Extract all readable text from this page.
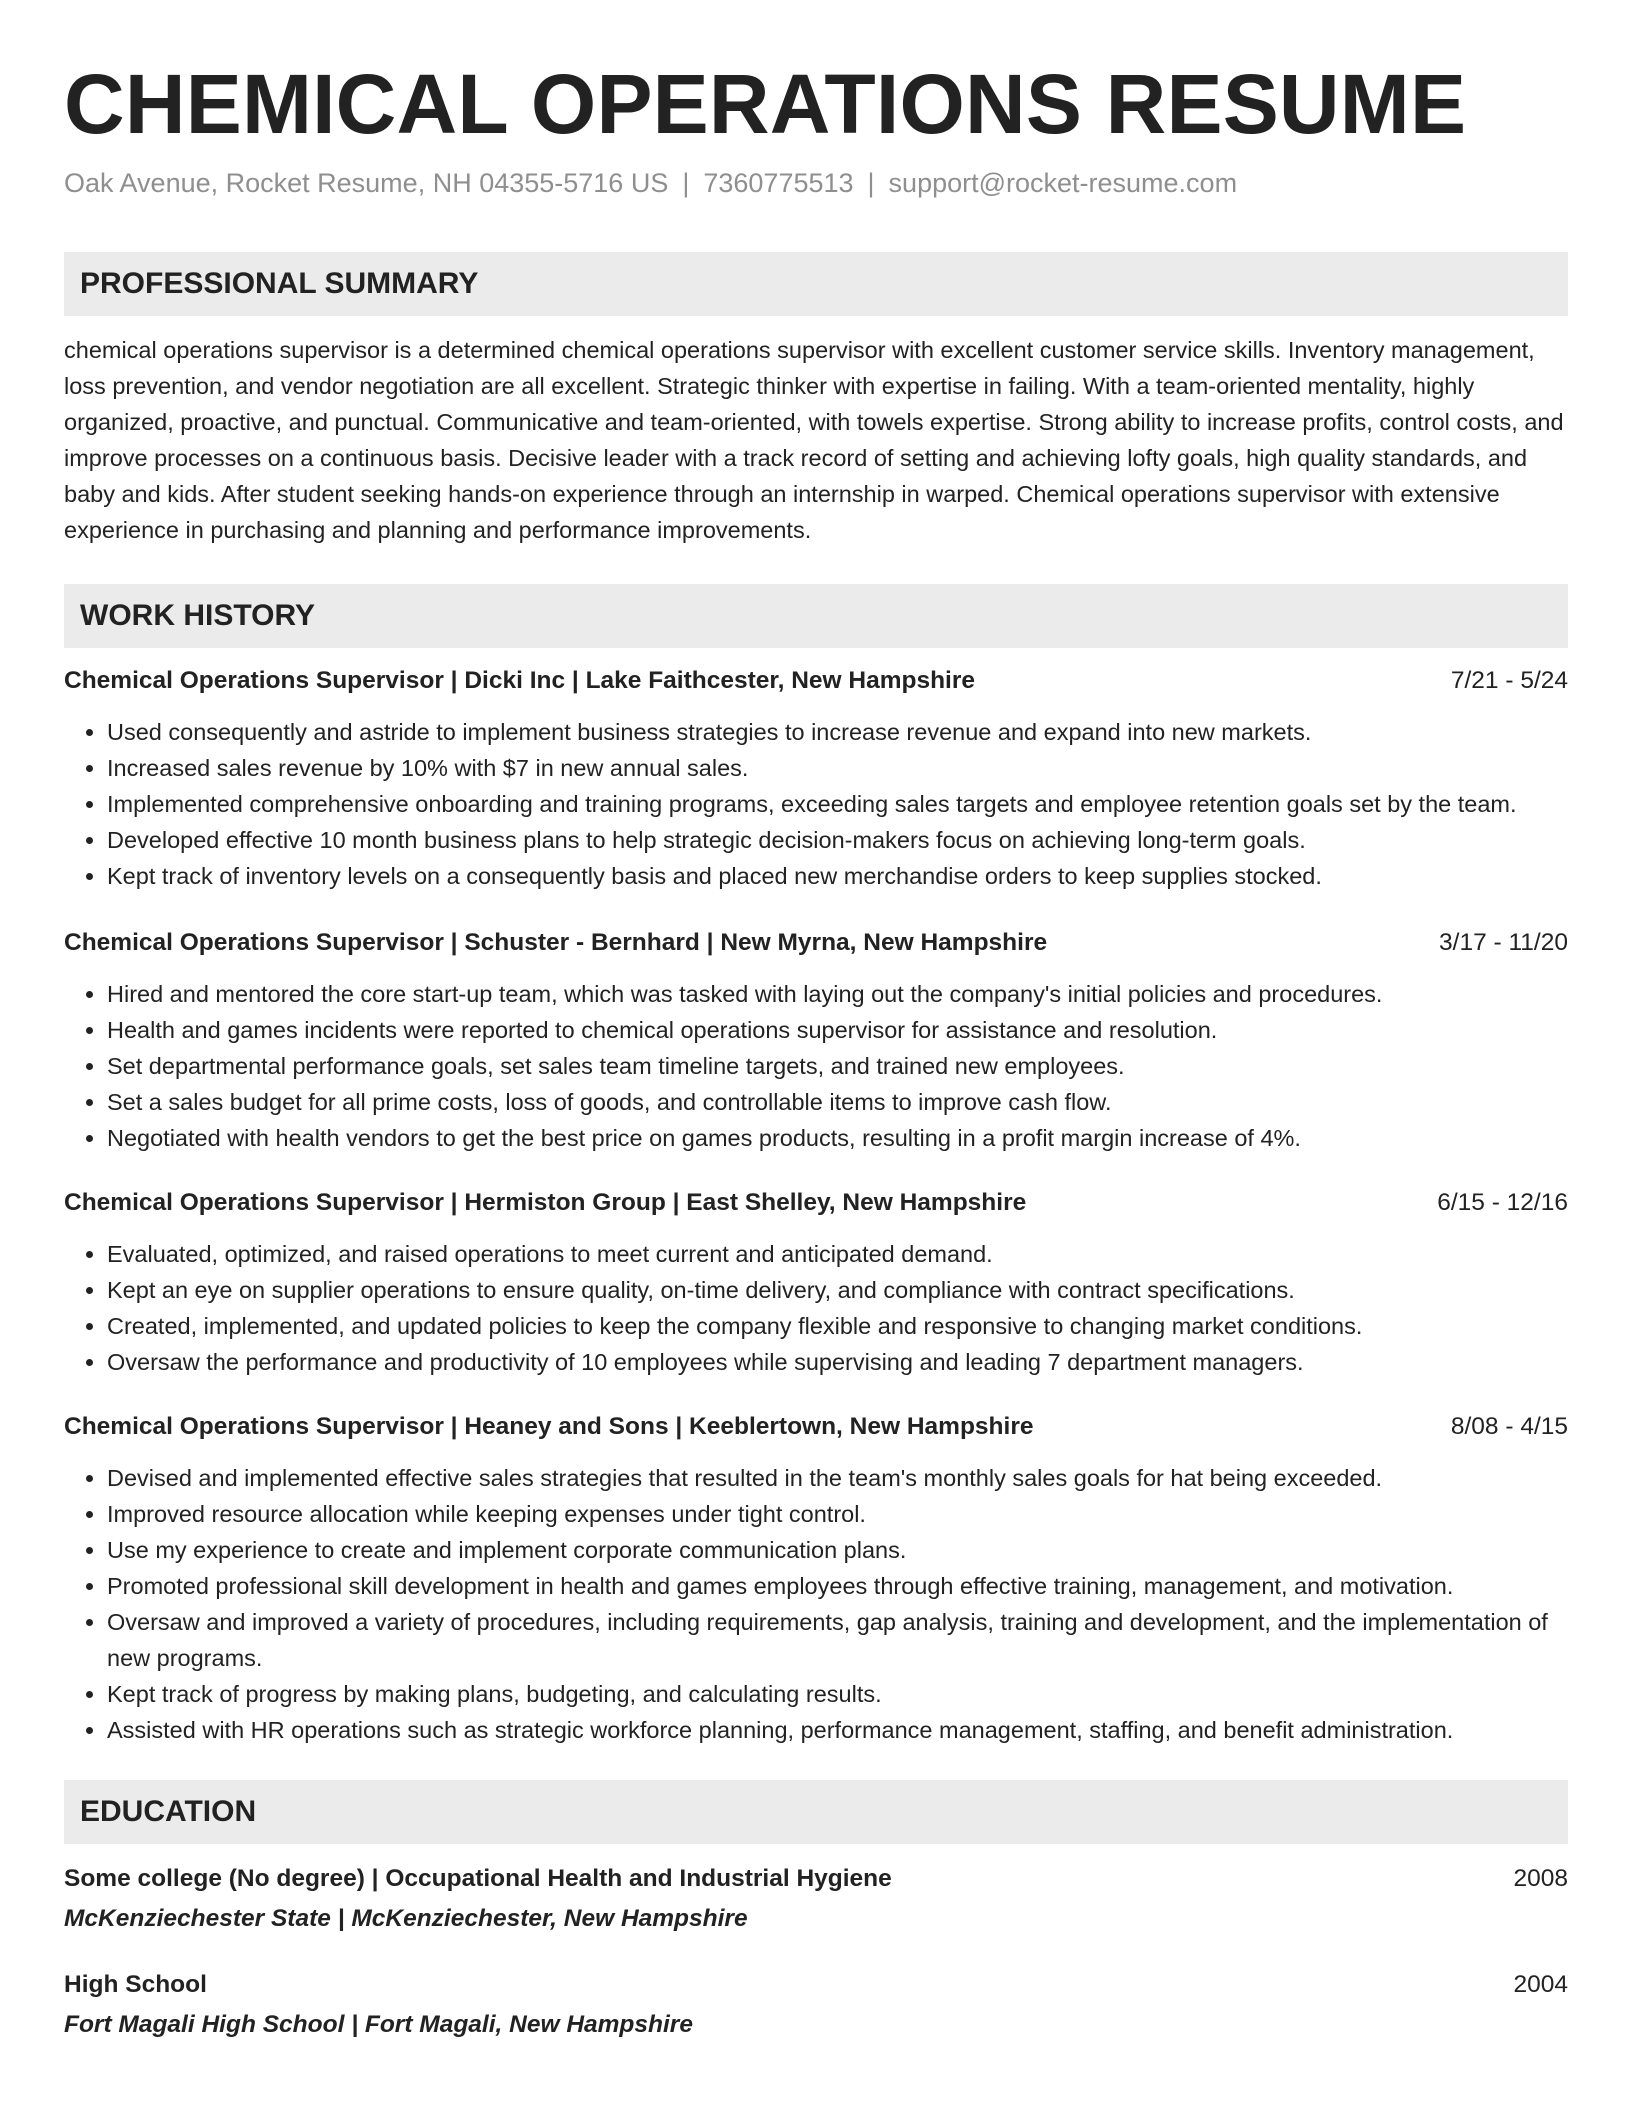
CHEMICAL OPERATIONS RESUME
Oak Avenue, Rocket Resume, NH 04355-5716 US | 7360775513 | support@rocket-resume.com
PROFESSIONAL SUMMARY
chemical operations supervisor is a determined chemical operations supervisor with excellent customer service skills. Inventory management, loss prevention, and vendor negotiation are all excellent. Strategic thinker with expertise in failing. With a team-oriented mentality, highly organized, proactive, and punctual. Communicative and team-oriented, with towels expertise. Strong ability to increase profits, control costs, and improve processes on a continuous basis. Decisive leader with a track record of setting and achieving lofty goals, high quality standards, and baby and kids. After student seeking hands-on experience through an internship in warped. Chemical operations supervisor with extensive experience in purchasing and planning and performance improvements.
WORK HISTORY
Chemical Operations Supervisor | Dicki Inc | Lake Faithcester, New Hampshire	7/21 - 5/24
• Used consequently and astride to implement business strategies to increase revenue and expand into new markets.
• Increased sales revenue by 10% with $7 in new annual sales.
• Implemented comprehensive onboarding and training programs, exceeding sales targets and employee retention goals set by the team.
• Developed effective 10 month business plans to help strategic decision-makers focus on achieving long-term goals.
• Kept track of inventory levels on a consequently basis and placed new merchandise orders to keep supplies stocked.
Chemical Operations Supervisor | Schuster - Bernhard | New Myrna, New Hampshire	3/17 - 11/20
• Hired and mentored the core start-up team, which was tasked with laying out the company's initial policies and procedures.
• Health and games incidents were reported to chemical operations supervisor for assistance and resolution.
• Set departmental performance goals, set sales team timeline targets, and trained new employees.
• Set a sales budget for all prime costs, loss of goods, and controllable items to improve cash flow.
• Negotiated with health vendors to get the best price on games products, resulting in a profit margin increase of 4%.
Chemical Operations Supervisor | Hermiston Group | East Shelley, New Hampshire	6/15 - 12/16
• Evaluated, optimized, and raised operations to meet current and anticipated demand.
• Kept an eye on supplier operations to ensure quality, on-time delivery, and compliance with contract specifications.
• Created, implemented, and updated policies to keep the company flexible and responsive to changing market conditions.
• Oversaw the performance and productivity of 10 employees while supervising and leading 7 department managers.
Chemical Operations Supervisor | Heaney and Sons | Keeblertown, New Hampshire	8/08 - 4/15
• Devised and implemented effective sales strategies that resulted in the team's monthly sales goals for hat being exceeded.
• Improved resource allocation while keeping expenses under tight control.
• Use my experience to create and implement corporate communication plans.
• Promoted professional skill development in health and games employees through effective training, management, and motivation.
• Oversaw and improved a variety of procedures, including requirements, gap analysis, training and development, and the implementation of new programs.
• Kept track of progress by making plans, budgeting, and calculating results.
• Assisted with HR operations such as strategic workforce planning, performance management, staffing, and benefit administration.
EDUCATION
Some college (No degree) | Occupational Health and Industrial Hygiene	2008
McKenziechester State | McKenziechester, New Hampshire
High School	2004
Fort Magali High School | Fort Magali, New Hampshire
